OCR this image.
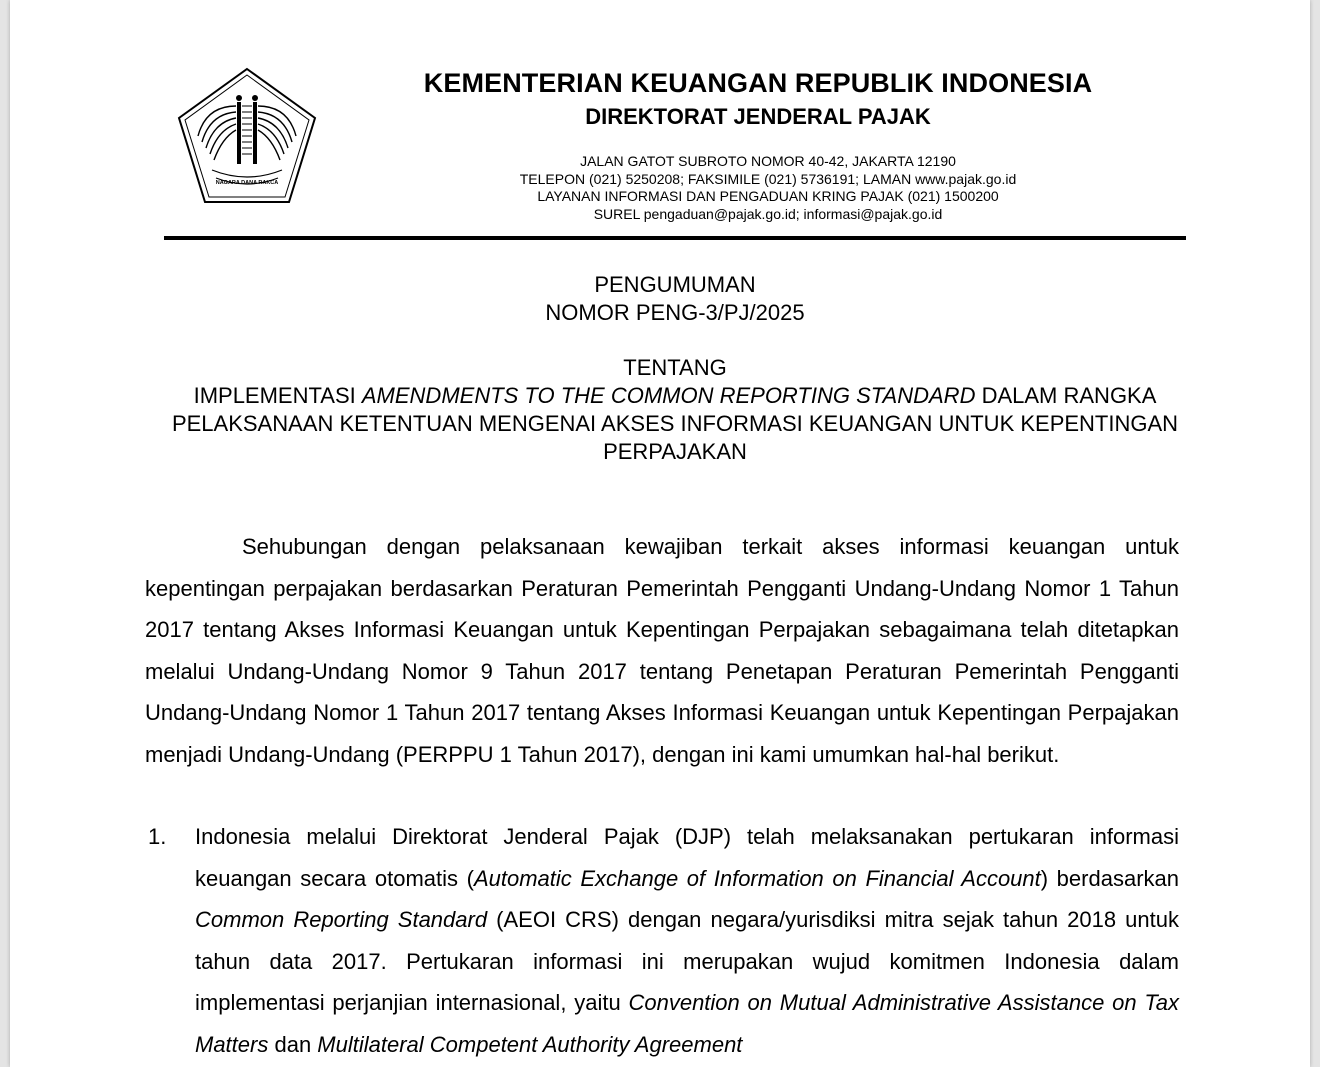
NAGARA DANA RAKCA
KEMENTERIAN KEUANGAN REPUBLIK INDONESIA
DIREKTORAT JENDERAL PAJAK
JALAN GATOT SUBROTO NOMOR 40-42, JAKARTA 12190
TELEPON (021) 5250208; FAKSIMILE (021) 5736191; LAMAN www.pajak.go.id
LAYANAN INFORMASI DAN PENGADUAN KRING PAJAK (021) 1500200
SUREL pengaduan@pajak.go.id; informasi@pajak.go.id
PENGUMUMAN
NOMOR PENG-3/PJ/2025
TENTANG
IMPLEMENTASI AMENDMENTS TO THE COMMON REPORTING STANDARD DALAM RANGKA PELAKSANAAN KETENTUAN MENGENAI AKSES INFORMASI KEUANGAN UNTUK KEPENTINGAN PERPAJAKAN

Sehubungan dengan pelaksanaan kewajiban terkait akses informasi keuangan untuk kepentingan perpajakan berdasarkan Peraturan Pemerintah Pengganti Undang-Undang Nomor 1 Tahun 2017 tentang Akses Informasi Keuangan untuk Kepentingan Perpajakan sebagaimana telah ditetapkan melalui Undang-Undang Nomor 9 Tahun 2017 tentang Penetapan Peraturan Pemerintah Pengganti Undang-Undang Nomor 1 Tahun 2017 tentang Akses Informasi Keuangan untuk Kepentingan Perpajakan menjadi Undang-Undang (PERPPU 1 Tahun 2017), dengan ini kami umumkan hal-hal berikut.

1. Indonesia melalui Direktorat Jenderal Pajak (DJP) telah melaksanakan pertukaran informasi keuangan secara otomatis (Automatic Exchange of Information on Financial Account) berdasarkan Common Reporting Standard (AEOI CRS) dengan negara/yurisdiksi mitra sejak tahun 2018 untuk tahun data 2017. Pertukaran informasi ini merupakan wujud komitmen Indonesia dalam implementasi perjanjian internasional, yaitu Convention on Mutual Administrative Assistance on Tax Matters dan Multilateral Competent Authority Agreement
